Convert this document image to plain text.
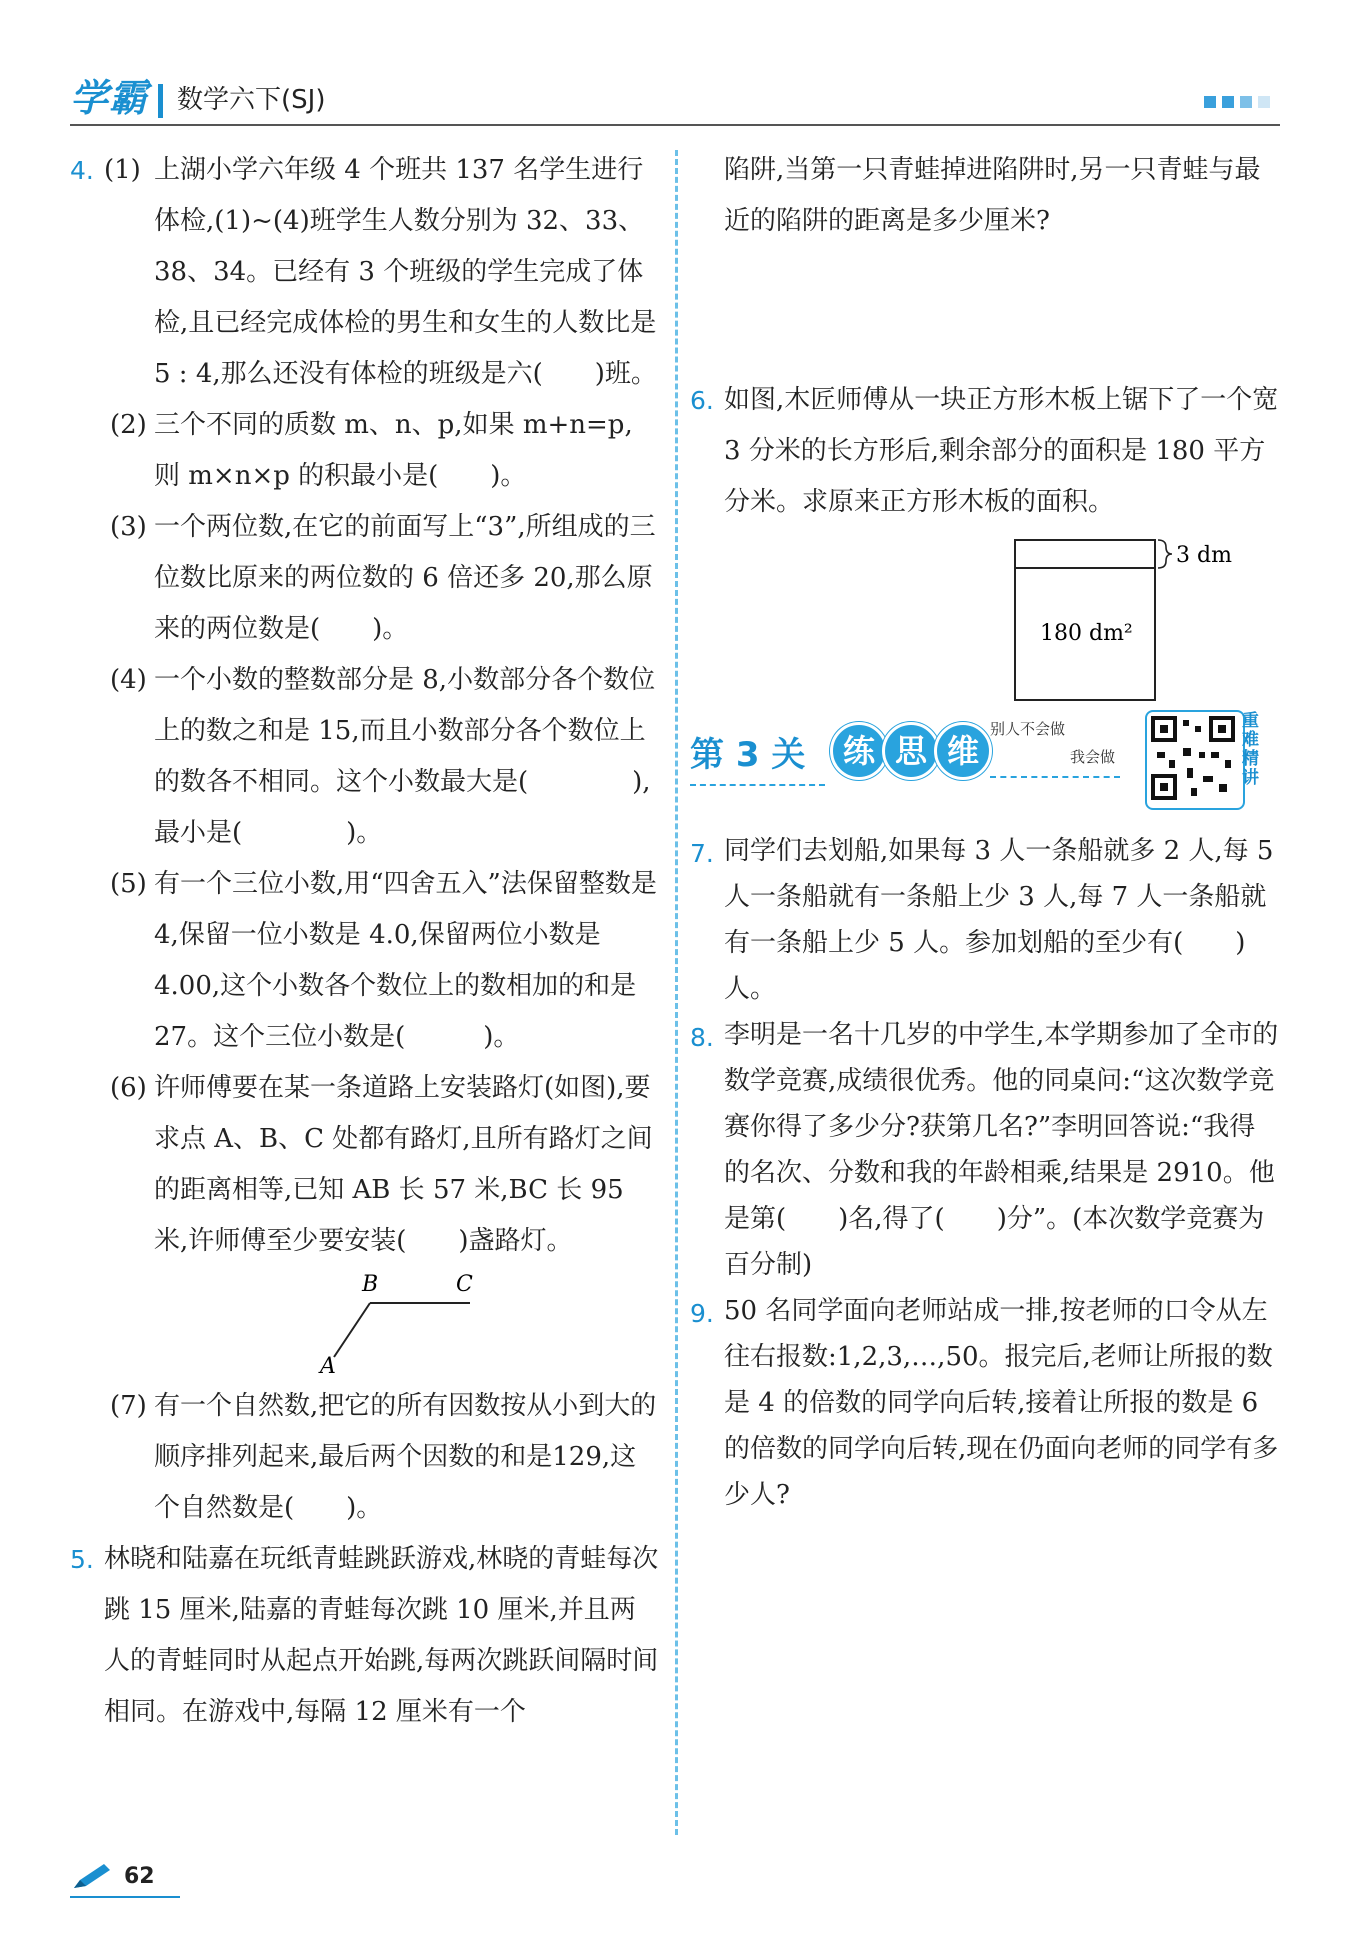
学霸 数学六下(SJ)
4. (1) 上湖小学六年级 4 个班共 137 名学生进行体检,(1)~(4)班学生人数分别为 32、33、38、34。已经有 3 个班级的学生完成了体检,且已经完成体检的男生和女生的人数比是 5 : 4,那么还没有体检的班级是六(　　)班。

(2) 三个不同的质数 m、n、p,如果 m+n=p,

则 m×n×p 的积最小是(　　)。

(3) 一个两位数,在它的前面写上“3”,所组成的三位数比原来的两位数的 6 倍还多 20,那么原来的两位数是(　　)。

(4) 一个小数的整数部分是 8,小数部分各个数位上的数之和是 15,而且小数部分各个数位上的数各不相同。这个小数最大是(　　　　),最小是(　　　　)。

(5) 有一个三位小数,用“四舍五入”法保留整数是 4,保留一位小数是 4.0,保留两位小数是 4.00,这个小数各个数位上的数相加的和是 27。这个三位小数是(　　　)。

(6) 许师傅要在某一条道路上安装路灯(如图),要求点 A、B、C 处都有路灯,且所有路灯之间的距离相等,已知 AB 长 57 米,BC 长 95 米,许师傅至少要安装(　　)盏路灯。

B	C
A
(7) 有一个自然数,把它的所有因数按从小到大的顺序排列起来,最后两个因数的和是129,这个自然数是(　　)。

5. 林晓和陆嘉在玩纸青蛙跳跃游戏,林晓的青蛙每次跳 15 厘米,陆嘉的青蛙每次跳 10 厘米,并且两人的青蛙同时从起点开始跳,每两次跳跃间隔时间相同。在游戏中,每隔 12 厘米有一个

陷阱,当第一只青蛙掉进陷阱时,另一只青蛙与最近的陷阱的距离是多少厘米?

6. 如图,木匠师傅从一块正方形木板上锯下了一个宽 3 分米的长方形后,剩余部分的面积是 180 平方分米。求原来正方形木板的面积。

3 dm
180 dm²
第 3 关	练 思 维
别人不会做
我会做
重难精讲
7. 同学们去划船,如果每 3 人一条船就多 2 人,每 5 人一条船就有一条船上少 3 人,每 7 人一条船就有一条船上少 5 人。参加划船的至少有(　　)人。

8. 李明是一名十几岁的中学生,本学期参加了全市的数学竞赛,成绩很优秀。他的同桌问:“这次数学竞赛你得了多少分?获第几名?”李明回答说:“我得的名次、分数和我的年龄相乘,结果是 2910。他是第(　　)名,得了(　　)分”。(本次数学竞赛为百分制)

9. 50 名同学面向老师站成一排,按老师的口令从左往右报数:1,2,3,…,50。报完后,老师让所报的数是 4 的倍数的同学向后转,接着让所报的数是 6 的倍数的同学向后转,现在仍面向老师的同学有多少人?

62
